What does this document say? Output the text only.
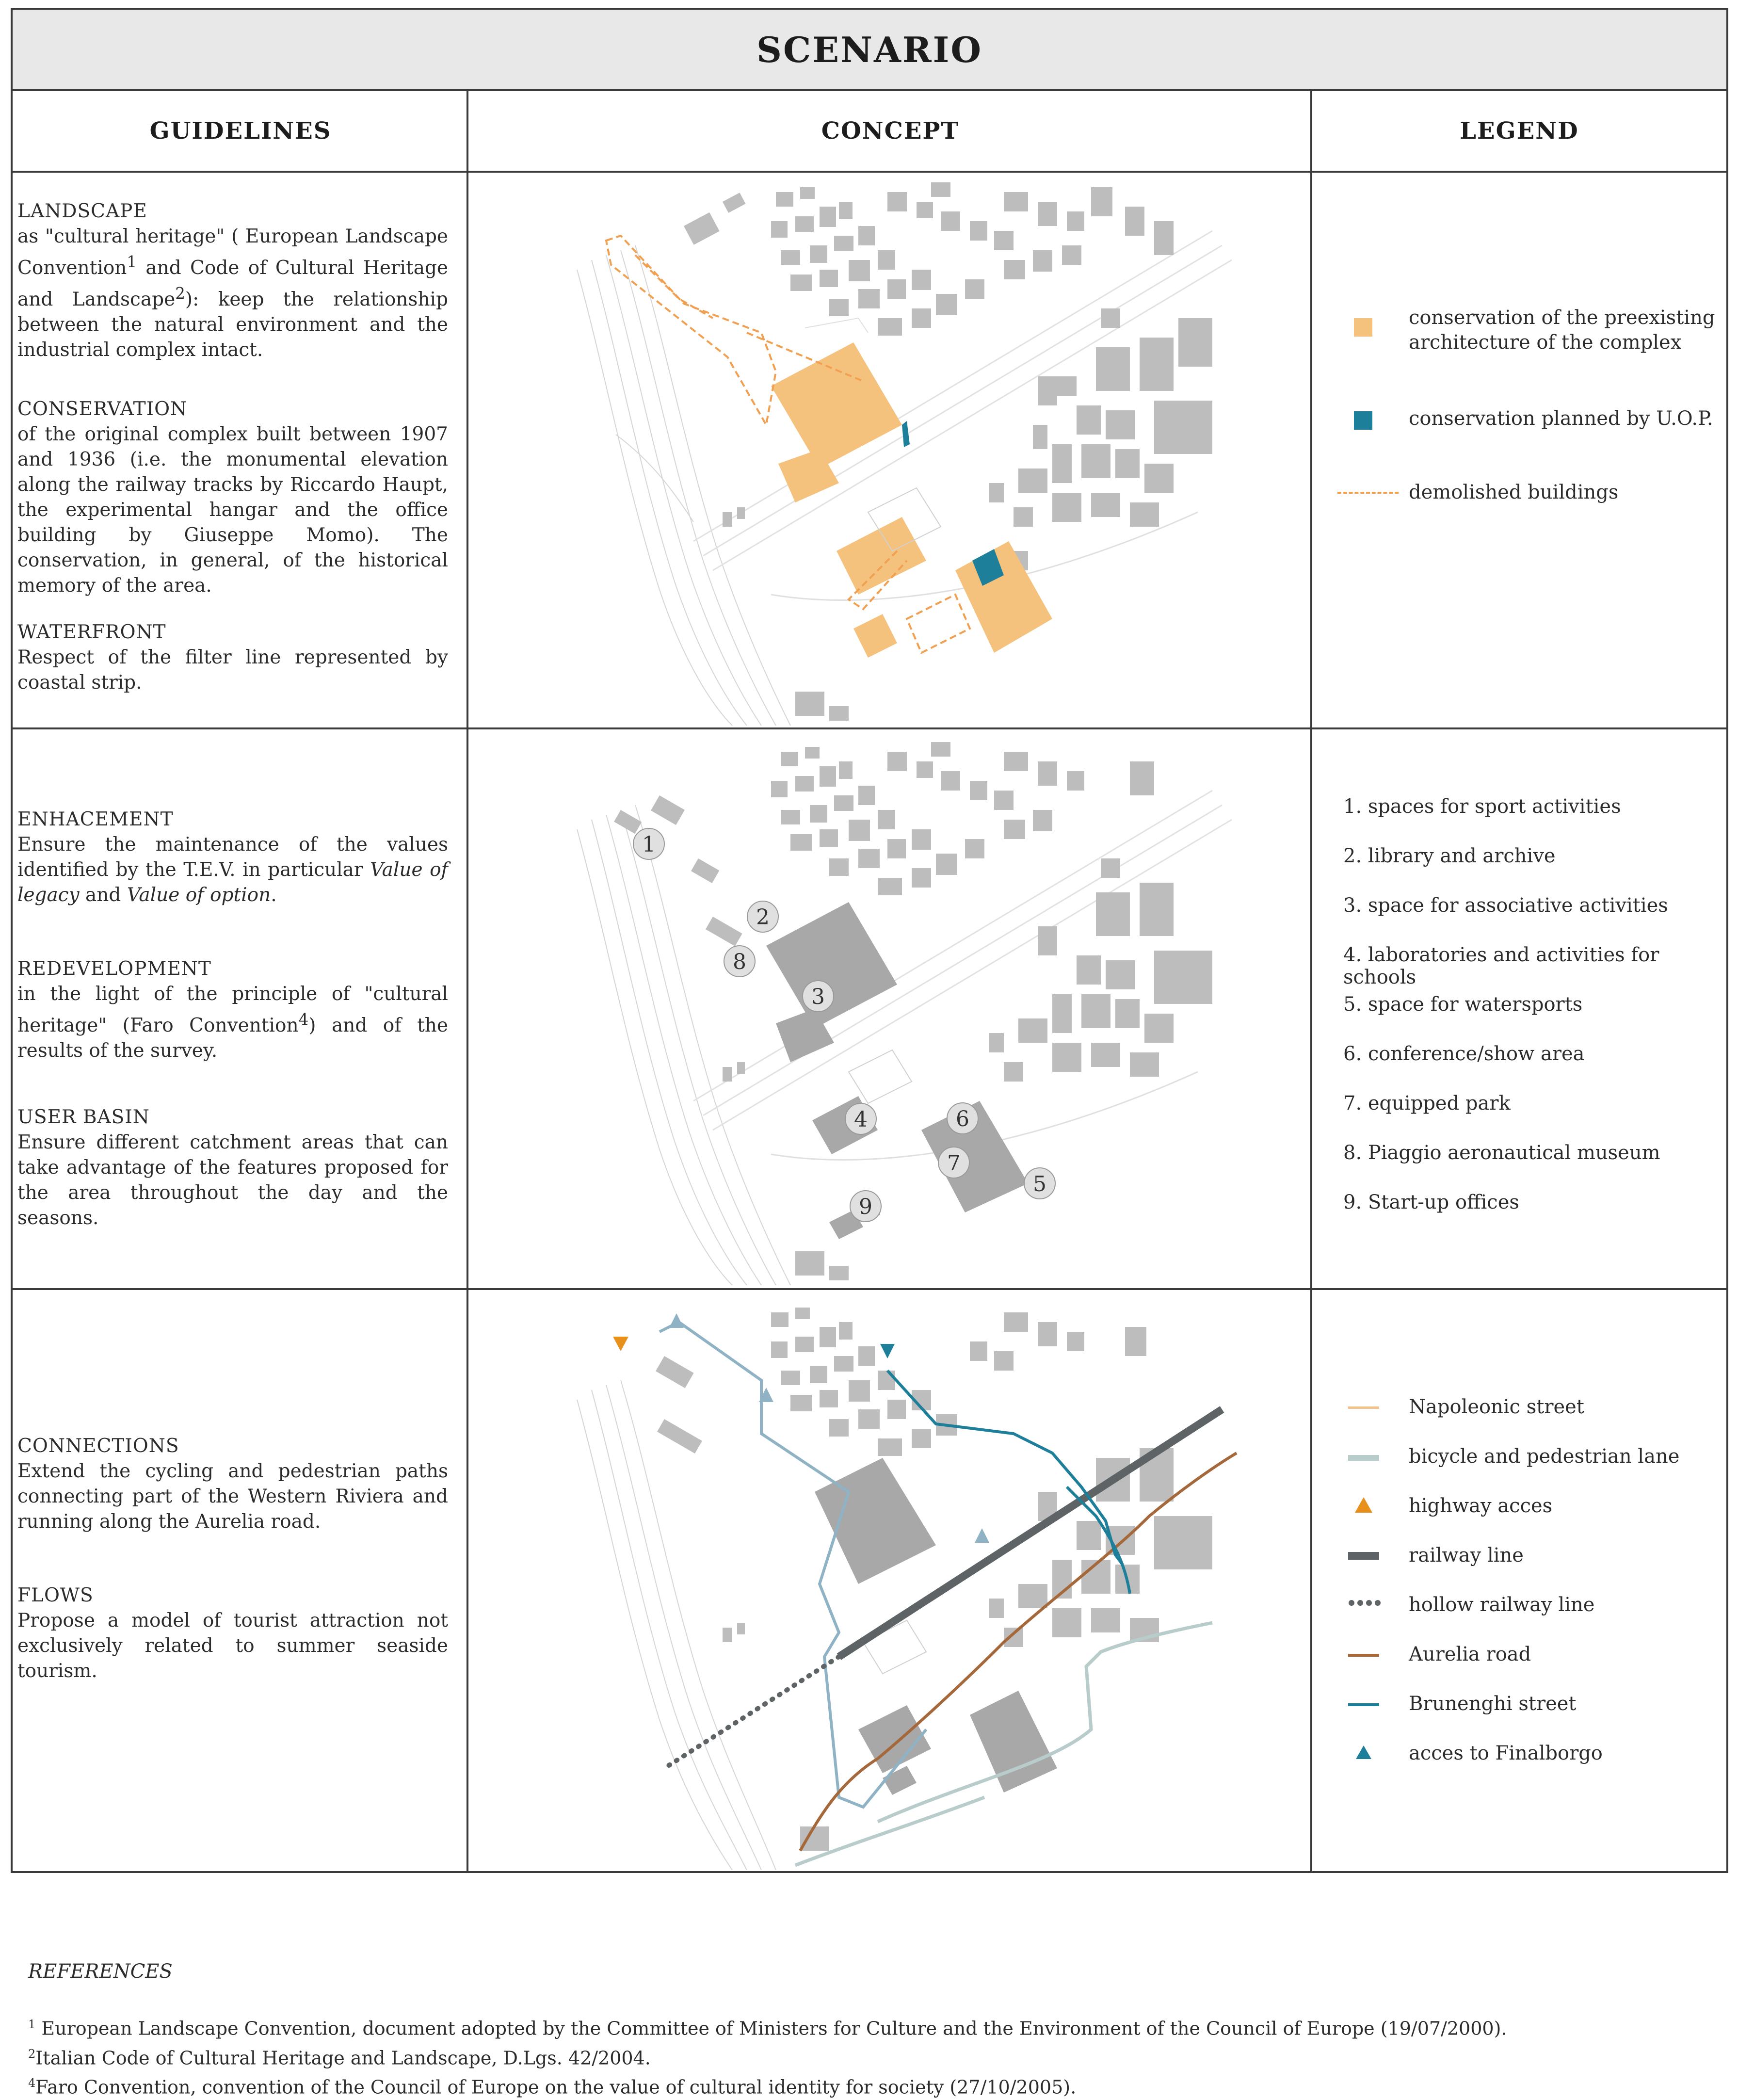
SCENARIO
GUIDELINES	CONCEPT	LEGEND
LANDSCAPE
as "cultural heritage" ( European Landscape Convention$^1$ and Code of Cultural Heritage and Landscape$^2$): keep the relationship between the natural environment and the industrial complex intact.
CONSERVATION
of the original complex built between 1907 and 1936 (i.e. the monumental elevation along the railway tracks by Riccardo Haupt, the experimental hangar and the office building by Giuseppe Momo). The conservation, in general, of the historical memory of the area.
WATERFRONT
Respect of the filter line represented by coastal strip.
ENHACEMENT
Ensure the maintenance of the values identified by the T.E.V. in particular Value of legacy and Value of option.
REDEVELOPMENT
in the light of the principle of "cultural heritage" (Faro Convention$^4$) and of the results of the survey.
USER BASIN
Ensure different catchment areas that can take advantage of the features proposed for the area throughout the day and the seasons.
CONNECTIONS
Extend the cycling and pedestrian paths connecting part of the Western Riviera and running along the Aurelia road.
FLOWS
Propose a model of tourist attraction not exclusively related to summer seaside tourism.
1
2
3
4
5
6
7
8
9
conservation of the preexisting architecture of the complex
conservation planned by U.O.P.
demolished buildings
1. spaces for sport activities
2. library and archive
3. space for associative activities
4. laboratories and activities for schools
5. space for watersports
6. conference/show area
7. equipped park
8. Piaggio aeronautical museum
9. Start-up offices
Napoleonic street
bicycle and pedestrian lane
highway acces
railway line
hollow railway line
Aurelia road
Brunenghi street
acces to Finalborgo
REFERENCES
$^1$ European Landscape Convention, document adopted by the Committee of Ministers for Culture and the Environment of the Council of Europe (19/07/2000).
$^2$Italian Code of Cultural Heritage and Landscape, D.Lgs. 42/2004.
$^4$Faro Convention, convention of the Council of Europe on the value of cultural identity for society (27/10/2005).
